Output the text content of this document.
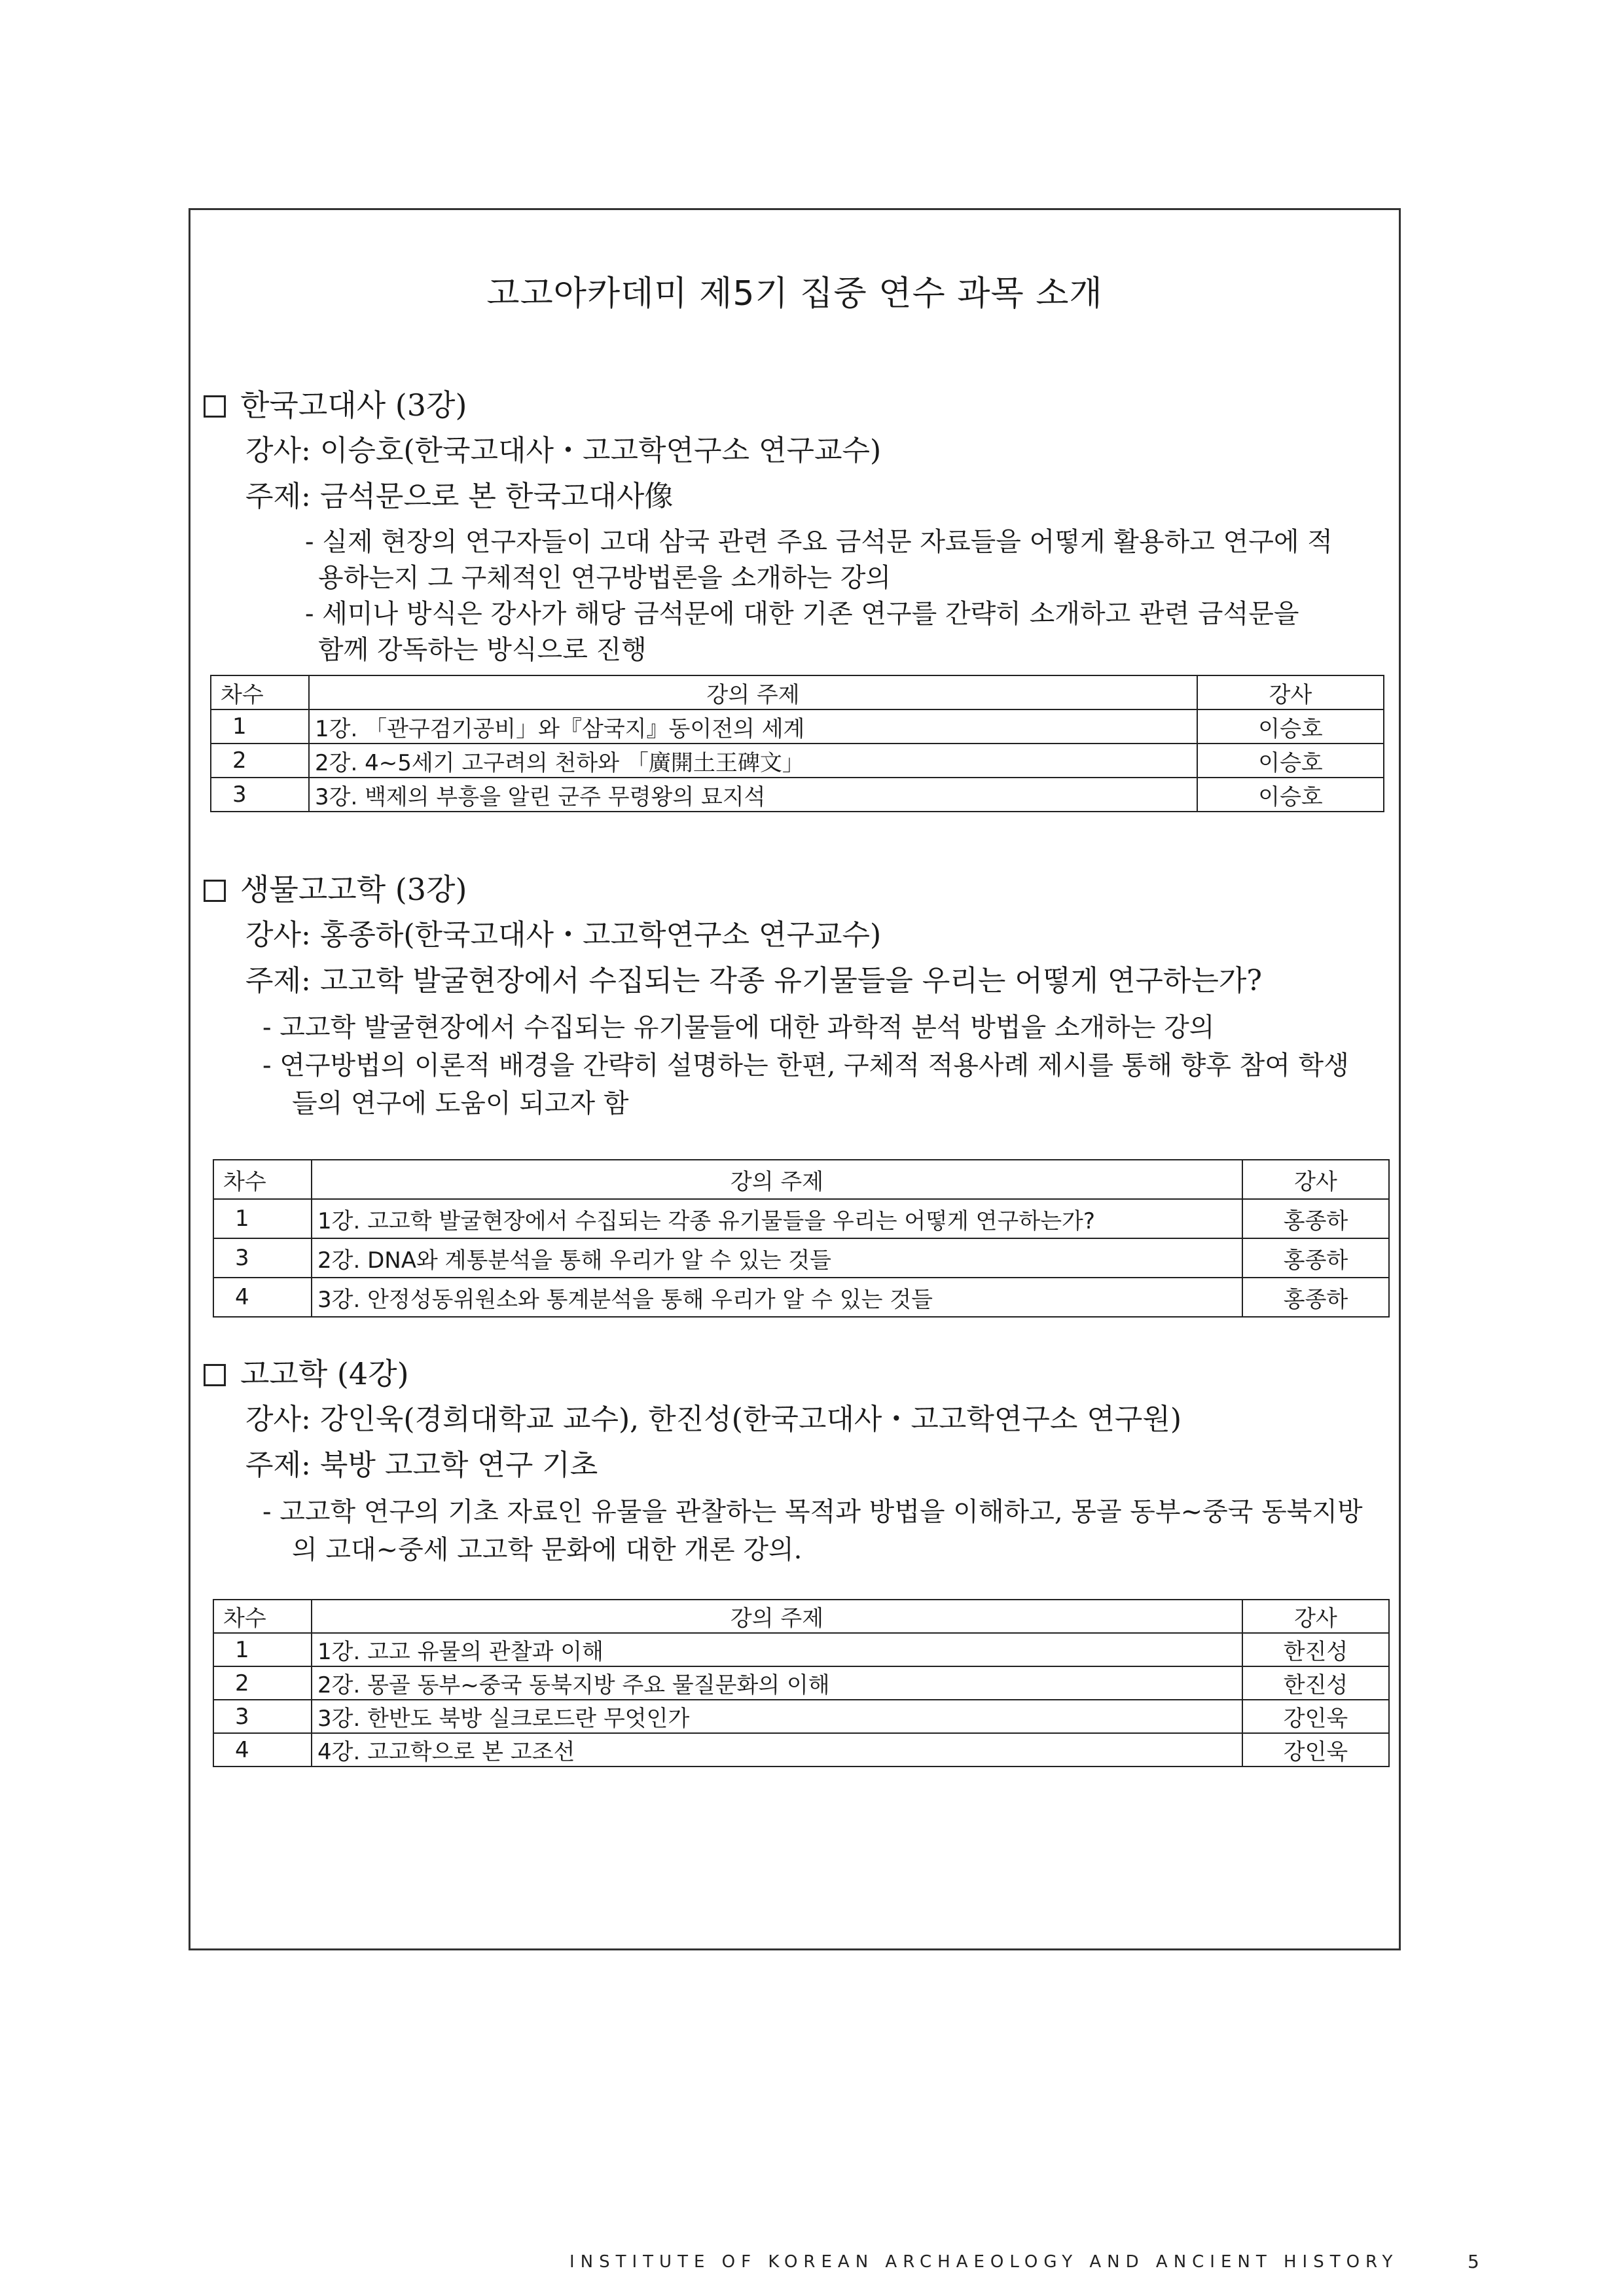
고고아카데미 제5기 집중 연수 과목 소개
한국고대사 (3강)
강사: 이승호(한국고대사・고고학연구소 연구교수)
주제: 금석문으로 본 한국고대사像
- 실제 현장의 연구자들이 고대 삼국 관련 주요 금석문 자료들을 어떻게 활용하고 연구에 적
용하는지 그 구체적인 연구방법론을 소개하는 강의
- 세미나 방식은 강사가 해당 금석문에 대한 기존 연구를 간략히 소개하고 관련 금석문을
함께 강독하는 방식으로 진행
차수	강의 주제	강사
1	1강. 「관구검기공비」와『삼국지』동이전의 세계	이승호
2	2강. 4~5세기 고구려의 천하와 「廣開土王碑文」	이승호
3	3강. 백제의 부흥을 알린 군주 무령왕의 묘지석	이승호
생물고고학 (3강)
강사: 홍종하(한국고대사・고고학연구소 연구교수)
주제: 고고학 발굴현장에서 수집되는 각종 유기물들을 우리는 어떻게 연구하는가?
- 고고학 발굴현장에서 수집되는 유기물들에 대한 과학적 분석 방법을 소개하는 강의
- 연구방법의 이론적 배경을 간략히 설명하는 한편, 구체적 적용사례 제시를 통해 향후 참여 학생
들의 연구에 도움이 되고자 함
차수	강의 주제	강사
1	1강. 고고학 발굴현장에서 수집되는 각종 유기물들을 우리는 어떻게 연구하는가?	홍종하
3	2강. DNA와 계통분석을 통해 우리가 알 수 있는 것들	홍종하
4	3강. 안정성동위원소와 통계분석을 통해 우리가 알 수 있는 것들	홍종하
고고학 (4강)
강사: 강인욱(경희대학교 교수), 한진성(한국고대사・고고학연구소 연구원)
주제: 북방 고고학 연구 기초
- 고고학 연구의 기초 자료인 유물을 관찰하는 목적과 방법을 이해하고, 몽골 동부~중국 동북지방
의 고대~중세 고고학 문화에 대한 개론 강의.
차수	강의 주제	강사
1	1강. 고고 유물의 관찰과 이해	한진성
2	2강. 몽골 동부~중국 동북지방 주요 물질문화의 이해	한진성
3	3강. 한반도 북방 실크로드란 무엇인가	강인욱
4	4강. 고고학으로 본 고조선	강인욱
INSTITUTE OF KOREAN ARCHAEOLOGY AND ANCIENT HISTORY	5
